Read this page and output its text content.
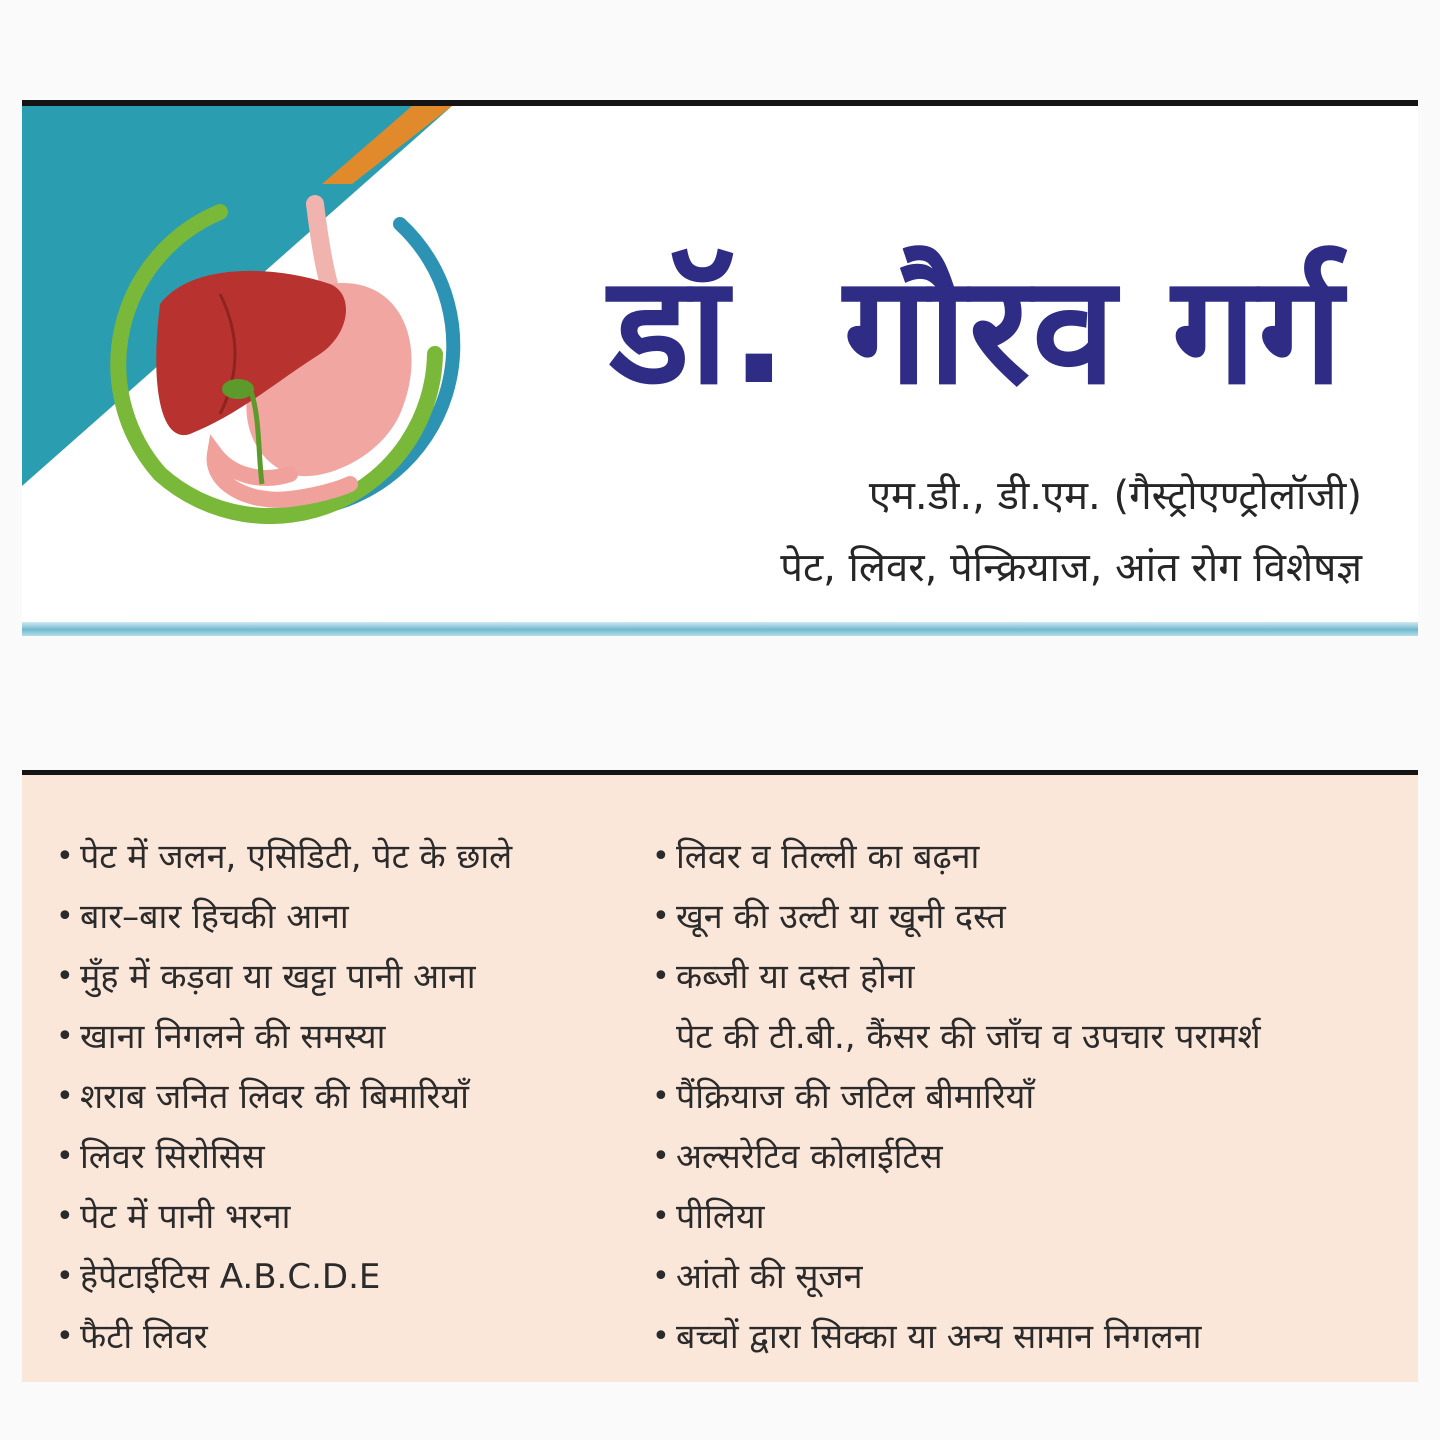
डॉ. गौरव गर्ग
एम.डी., डी.एम. (गैस्ट्रोएण्ट्रोलॉजी)
पेट, लिवर, पेन्क्रियाज, आंत रोग विशेषज्ञ
• पेट में जलन, एसिडिटी, पेट के छाले
• बार–बार हिचकी आना
• मुँह में कड़वा या खट्टा पानी आना
• खाना निगलने की समस्या
• शराब जनित लिवर की बिमारियाँ
• लिवर सिरोसिस
• पेट में पानी भरना
• हेपेटाईटिस A.B.C.D.E
• फैटी लिवर
• लिवर व तिल्ली का बढ़ना
• खून की उल्टी या खूनी दस्त
• कब्जी या दस्त होना
पेट की टी.बी., कैंसर की जाँच व उपचार परामर्श
• पैंक्रियाज की जटिल बीमारियाँ
• अल्सरेटिव कोलाईटिस
• पीलिया
• आंतो की सूजन
• बच्चों द्वारा सिक्का या अन्य सामान निगलना
